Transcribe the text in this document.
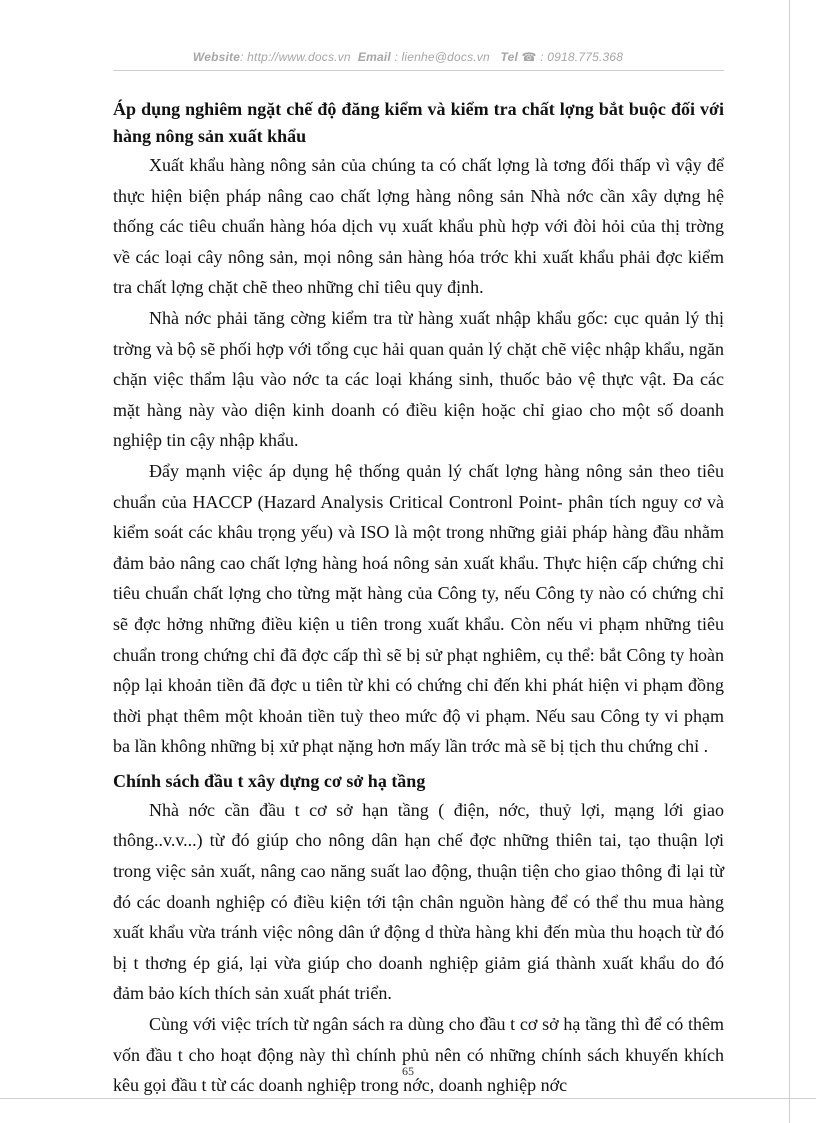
Website: http://www.docs.vn Email : lienhe@docs.vn Tel ☎ : 0918.775.368
Áp dụng nghiêm ngặt chế độ đăng kiểm và kiểm tra chất lợng bắt buộc đối với hàng nông sản xuất khẩu

Xuất khẩu hàng nông sản của chúng ta có chất lợng là tơng đối thấp vì vậy để thực hiện biện pháp nâng cao chất lợng hàng nông sản Nhà nớc cần xây dựng hệ thống các tiêu chuẩn hàng hóa dịch vụ xuất khẩu phù hợp với đòi hỏi của thị trờng về các loại cây nông sản, mọi nông sản hàng hóa trớc khi xuất khẩu phải đợc kiểm tra chất lợng chặt chẽ theo những chỉ tiêu quy định.

Nhà nớc phải tăng cờng kiểm tra từ hàng xuất nhập khẩu gốc: cục quản lý thị trờng và bộ sẽ phối hợp với tổng cục hải quan quản lý chặt chẽ việc nhập khẩu, ngăn chặn việc thẩm lậu vào nớc ta các loại kháng sinh, thuốc bảo vệ thực vật. Đa các mặt hàng này vào diện kinh doanh có điều kiện hoặc chỉ giao cho một số doanh nghiệp tin cậy nhập khẩu.

Đẩy mạnh việc áp dụng hệ thống quản lý chất lợng hàng nông sản theo tiêu chuẩn của HACCP (Hazard Analysis Critical Contronl Point- phân tích nguy cơ và kiểm soát các khâu trọng yếu) và ISO là một trong những giải pháp hàng đầu nhằm đảm bảo nâng cao chất lợng hàng hoá nông sản xuất khẩu. Thực hiện cấp chứng chỉ tiêu chuẩn chất lợng cho từng mặt hàng của Công ty, nếu Công ty nào có chứng chỉ sẽ đợc hởng những điều kiện u tiên trong xuất khẩu. Còn nếu vi phạm những tiêu chuẩn trong chứng chỉ đã đợc cấp thì sẽ bị sử phạt nghiêm, cụ thể: bắt Công ty hoàn nộp lại khoản tiền đã đợc u tiên từ khi có chứng chỉ đến khi phát hiện vi phạm đồng thời phạt thêm một khoản tiền tuỳ theo mức độ vi phạm. Nếu sau Công ty vi phạm ba lần không những bị xử phạt nặng hơn mấy lần trớc mà sẽ bị tịch thu chứng chỉ .

Chính sách đầu t xây dựng cơ sở hạ tầng

Nhà nớc cần đầu t cơ sở hạn tầng ( điện, nớc, thuỷ lợi, mạng lới giao thông..v.v...) từ đó giúp cho nông dân hạn chế đợc những thiên tai, tạo thuận lợi trong việc sản xuất, nâng cao năng suất lao động, thuận tiện cho giao thông đi lại từ đó các doanh nghiệp có điều kiện tới tận chân nguồn hàng để có thể thu mua hàng xuất khẩu vừa tránh việc nông dân ứ động d thừa hàng khi đến mùa thu hoạch từ đó bị t thơng ép giá, lại vừa giúp cho doanh nghiệp giảm giá thành xuất khẩu do đó đảm bảo kích thích sản xuất phát triển.

Cùng với việc trích từ ngân sách ra dùng cho đầu t cơ sở hạ tầng thì để có thêm vốn đầu t cho hoạt động này thì chính phủ nên có những chính sách khuyến khích kêu gọi đầu t từ các doanh nghiệp trong nớc, doanh nghiệp nớc

65
